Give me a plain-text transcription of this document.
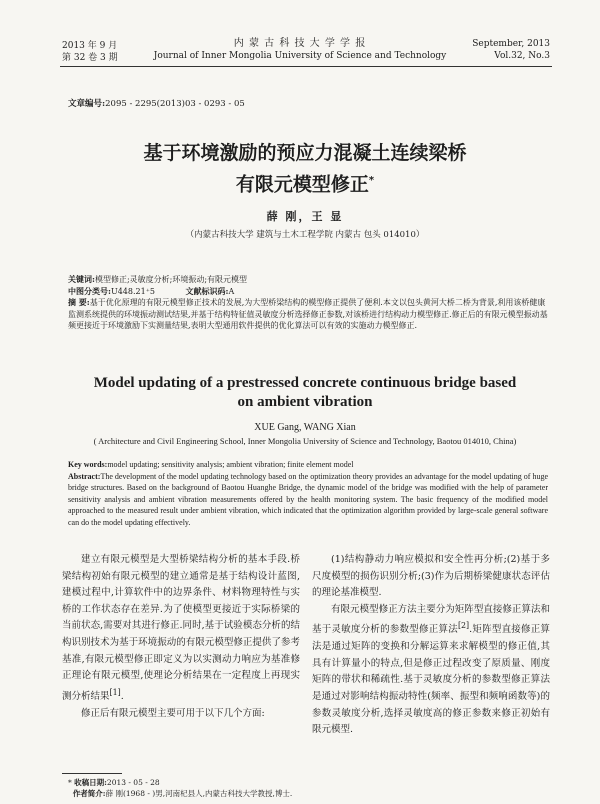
2013 年 9 月
第 32 卷 3 期
内 蒙 古 科 技 大 学 学 报
Journal of Inner Mongolia University of Science and Technology
September, 2013
Vol.32, No.3
文章编号:2095 - 2295(2013)03 - 0293 - 05
基于环境激励的预应力混凝土连续梁桥
有限元模型修正*
薛 刚，王 显
（内蒙古科技大学 建筑与土木工程学院 内蒙古 包头 014010）
关键词:模型修正;灵敏度分析;环境振动;有限元模型
中图分类号:U448.21⁺5	文献标识码:A
摘 要:基于优化原理的有限元模型修正技术的发展,为大型桥梁结构的模型修正提供了便利.本文以包头黄河大桥二桥为背景,利用该桥健康监测系统提供的环境振动测试结果,并基于结构特征值灵敏度分析选择修正参数,对该桥进行结构动力模型修正.修正后的有限元模型振动基频更接近于环境激励下实测量结果,表明大型通用软件提供的优化算法可以有效的实施动力模型修正.
Model updating of a prestressed concrete continuous bridge based
on ambient vibration
XUE Gang, WANG Xian
( Architecture and Civil Engineering School, Inner Mongolia University of Science and Technology, Baotou 014010, China)
Key words:model updating; sensitivity analysis; ambient vibration; finite element model
Abstract:The development of the model updating technology based on the optimization theory provides an advantage for the model updating of huge bridge structures. Based on the background of Baotou Huanghe Bridge, the dynamic model of the bridge was modified with the help of parameter sensitivity analysis and ambient vibration measurements offered by the health monitoring system. The basic frequency of the modified model approached to the measured result under ambient vibration, which indicated that the optimization algorithm provided by large-scale general software can do the model updating effectively.

建立有限元模型是大型桥梁结构分析的基本手段.桥梁结构初始有限元模型的建立通常是基于结构设计蓝图,建模过程中,计算软件中的边界条件、材料物理特性与实桥的工作状态存在差异.为了使模型更接近于实际桥梁的当前状态,需要对其进行修正.同时,基于试验模态分析的结构识别技术为基于环境振动的有限元模型修正提供了参考基准,有限元模型修正即定义为以实测动力响应为基准修正理论有限元模型,使理论分析结果在一定程度上再现实测分析结果[1].

修正后有限元模型主要可用于以下几个方面:

(1)结构静动力响应模拟和安全性再分析;(2)基于多尺度模型的损伤识别分析;(3)作为后期桥梁健康状态评估的理论基准模型.

有限元模型修正方法主要分为矩阵型直接修正算法和基于灵敏度分析的参数型修正算法[2].矩阵型直接修正算法是通过矩阵的变换和分解运算来求解模型的修正值,其具有计算量小的特点,但是修正过程改变了原质量、刚度矩阵的带状和稀疏性.基于灵敏度分析的参数型修正算法是通过对影响结构振动特性(频率、振型和频响函数等)的参数灵敏度分析,选择灵敏度高的修正参数来修正初始有限元模型.

* 收稿日期:2013 - 05 - 28
作者简介:薛 刚(1968 - )男,河南杞县人,内蒙古科技大学教授,博士.
